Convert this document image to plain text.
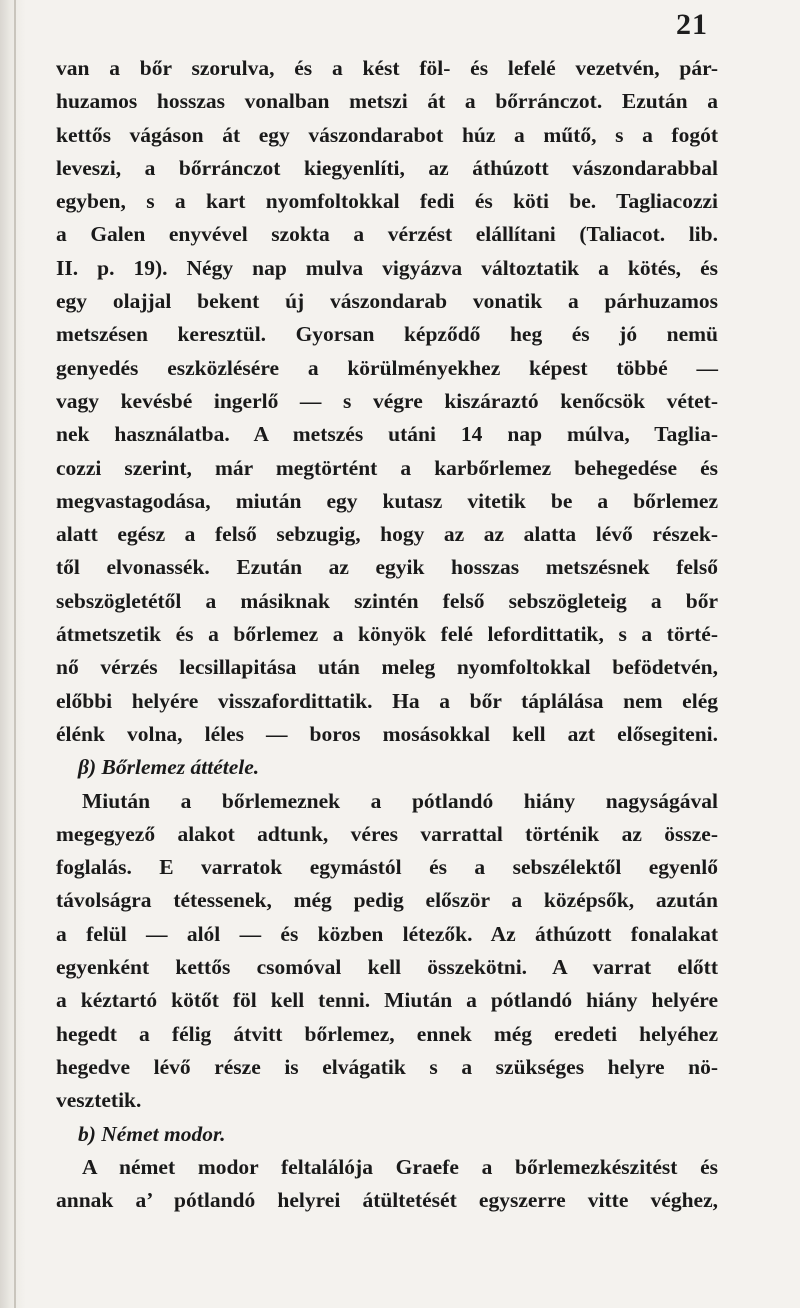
21
van a bőr szorulva, és a kést föl- és lefelé vezetvén, pár-
huzamos hosszas vonalban metszi át a bőrránczot. Ezután a
kettős vágáson át egy vászondarabot húz a műtő, s a fogót
leveszi, a bőrránczot kiegyenlíti, az áthúzott vászondarabbal
egyben, s a kart nyomfoltokkal fedi és köti be. Tagliacozzi
a Galen enyvével szokta a vérzést elállítani (Taliacot. lib.
II. p. 19). Négy nap mulva vigyázva változtatik a kötés, és
egy olajjal bekent új vászondarab vonatik a párhuzamos
metszésen keresztül. Gyorsan képződő heg és jó nemü
genyedés eszközlésére a körülményekhez képest többé —
vagy kevésbé ingerlő — s végre kiszáraztó kenőcsök vétet-
nek használatba. A metszés utáni 14 nap múlva, Taglia-
cozzi szerint, már megtörtént a karbőrlemez behegedése és
megvastagodása, miután egy kutasz vitetik be a bőrlemez
alatt egész a felső sebzugig, hogy az az alatta lévő részek-
től elvonassék. Ezután az egyik hosszas metszésnek felső
sebszögletétől a másiknak szintén felső sebszögleteig a bőr
átmetszetik és a bőrlemez a könyök felé lefordittatik, s a törté-
nő vérzés lecsillapitása után meleg nyomfoltokkal befödetvén,
előbbi helyére visszafordittatik. Ha a bőr táplálása nem elég
élénk volna, léles — boros mosásokkal kell azt elősegiteni.
β) Bőrlemez áttétele.
Miután a bőrlemeznek a pótlandó hiány nagyságával
megegyező alakot adtunk, véres varrattal történik az össze-
foglalás. E varratok egymástól és a sebszélektől egyenlő
távolságra tétessenek, még pedig először a középsők, azután
a felül — alól — és közben létezők. Az áthúzott fonalakat
egyenként kettős csomóval kell összekötni. A varrat előtt
a kéztartó kötőt föl kell tenni. Miután a pótlandó hiány helyére
hegedt a félig átvitt bőrlemez, ennek még eredeti helyéhez
hegedve lévő része is elvágatik s a szükséges helyre nö-
vesztetik.
b) Német modor.
A német modor feltalálója Graefe a bőrlemezkészitést és
annak a’ pótlandó helyrei átültetését egyszerre vitte véghez,
